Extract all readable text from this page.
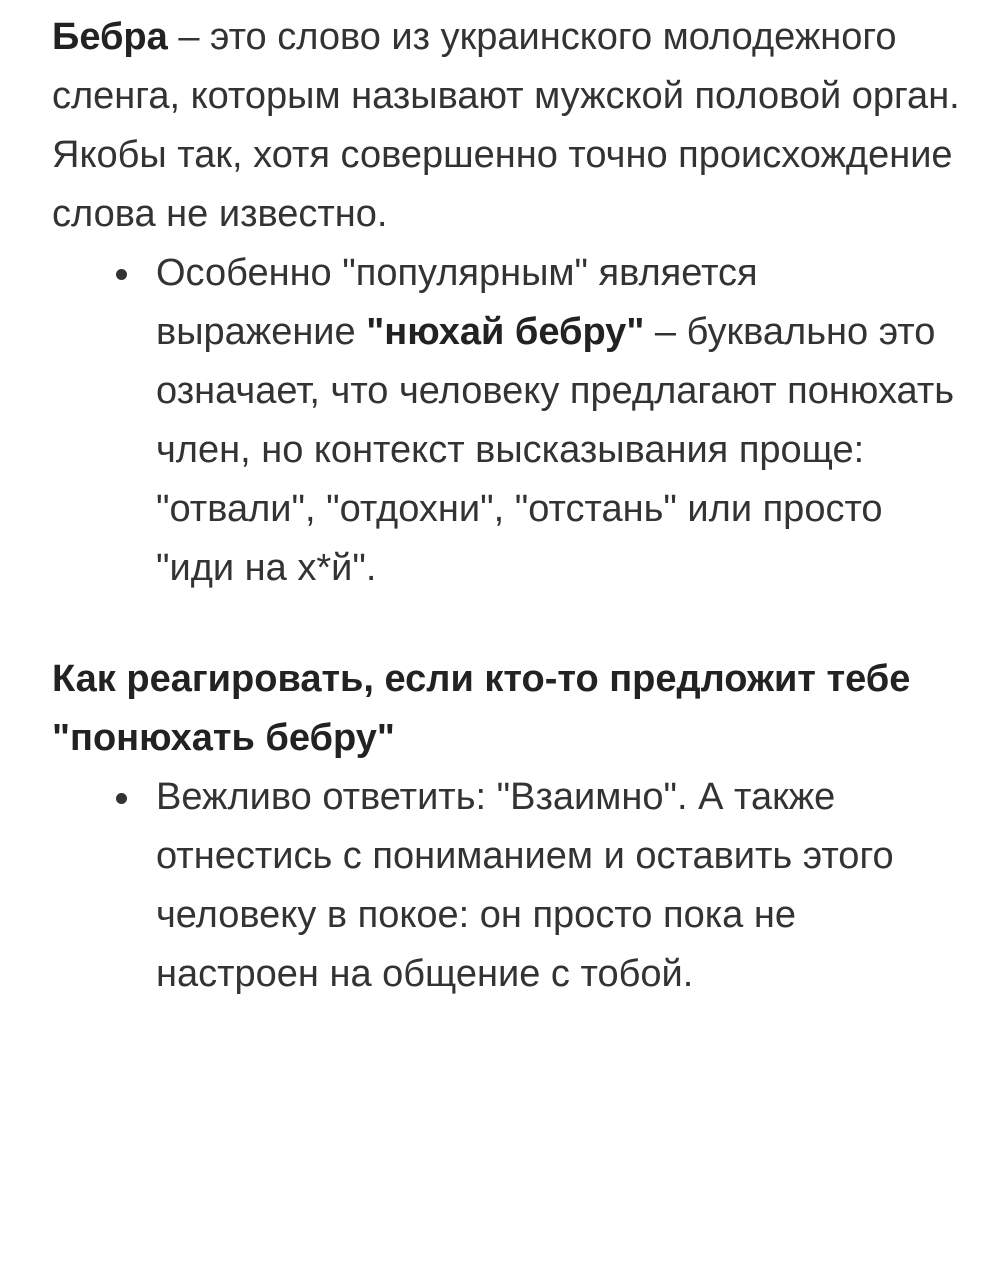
Бебра – это слово из украинского молодежного сленга, которым называют мужской половой орган. Якобы так, хотя совершенно точно происхождение слова не известно.

Особенно "популярным" является выражение "нюхай бебру" – буквально это означает, что человеку предлагают понюхать член, но контекст высказывания проще: "отвали", "отдохни", "отстань" или просто "иди на х*й".
Как реагировать, если кто-то предложит тебе "понюхать бебру"
Вежливо ответить: "Взаимно". А также отнестись с пониманием и оставить этого человеку в покое: он просто пока не настроен на общение с тобой.
